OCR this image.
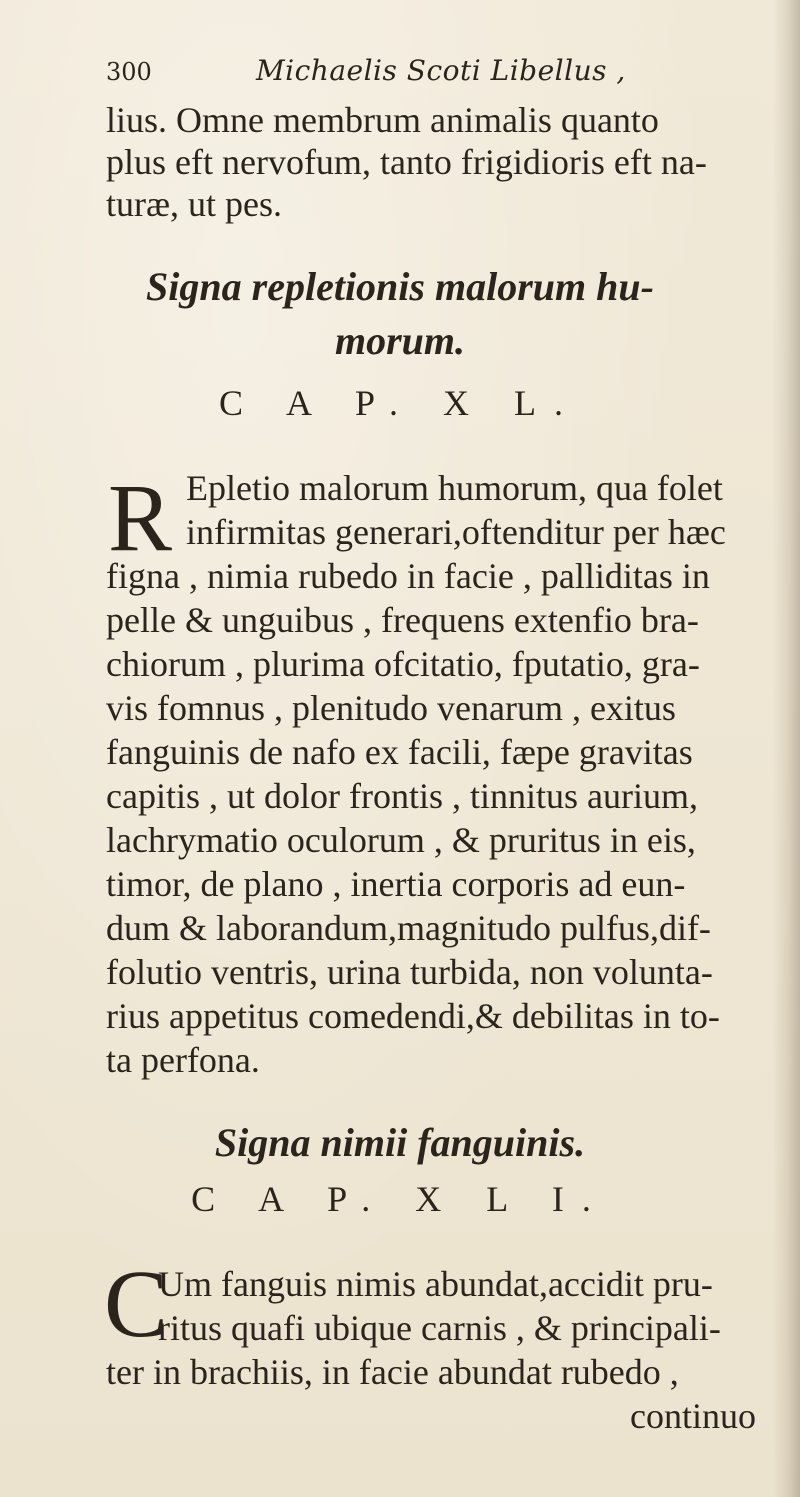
300	Michaelis Scoti Libellus ,

lius. Omne membrum animalis quanto

plus eft nervofum, tanto frigidioris eft na-

turæ, ut pes.

Signa repletionis malorum hu-

morum.

C A P. X L.

R Epletio malorum humorum, qua folet

infirmitas generari,oftenditur per hæc

figna , nimia rubedo in facie , palliditas in

pelle & unguibus , frequens extenfio bra-

chiorum , plurima ofcitatio, fputatio, gra-

vis fomnus , plenitudo venarum , exitus

fanguinis de nafo ex facili, fæpe gravitas

capitis , ut dolor frontis , tinnitus aurium,

lachrymatio oculorum , & pruritus in eis,

timor, de plano , inertia corporis ad eun-

dum & laborandum,magnitudo pulfus,dif-

folutio ventris, urina turbida, non volunta-

rius appetitus comedendi,& debilitas in to-

ta perfona.

Signa nimii fanguinis.

C A P. X L I.

C

Um fanguis nimis abundat,accidit pru-

ritus quafi ubique carnis , & principali-

ter in brachiis, in facie abundat rubedo ,

continuo
